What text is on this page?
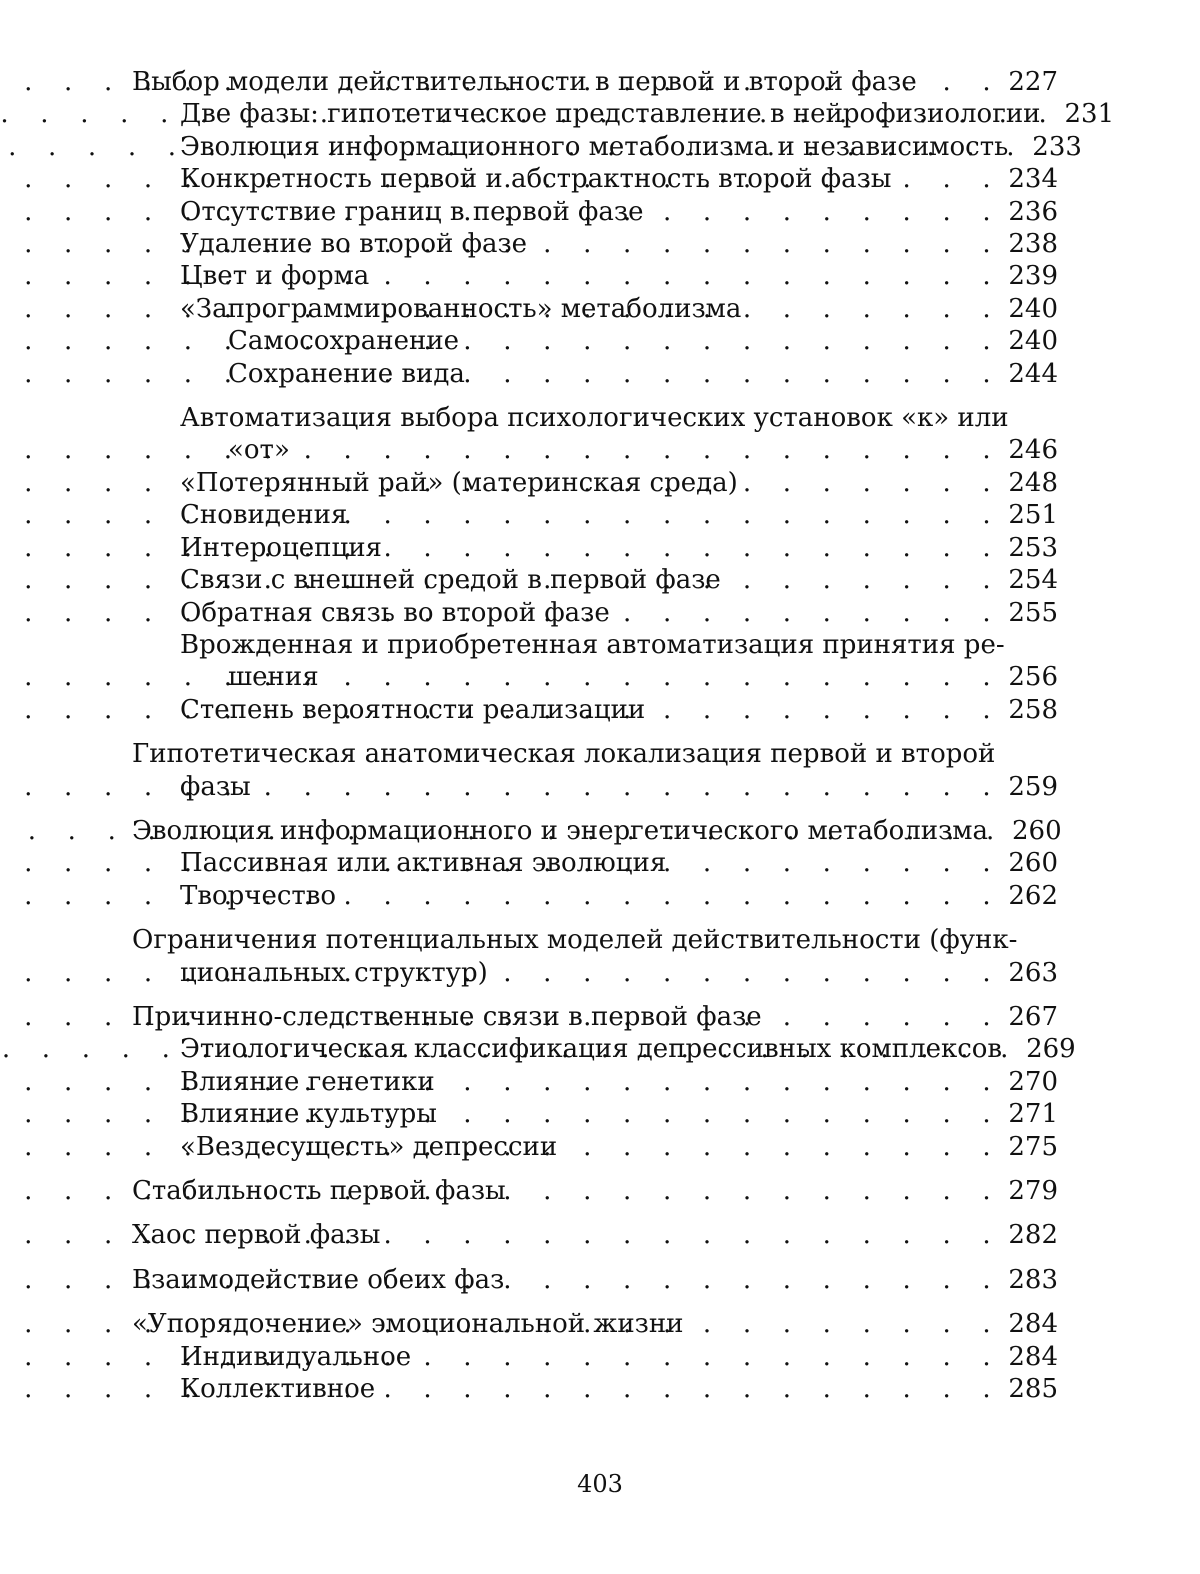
Выбор модели действительности в первой и второй фазе
. . .	227
Две фазы: гипотетическое представление в нейрофизиологии
. . . 231
Эволюция информационного метаболизма и независимость
. . . 233
Конкретность первой и абстрактность второй фазы
. . .	234
Отсутствие границ в первой фазе
. . .	236
Удаление во второй фазе
. . .	238
Цвет и форма
. . .	239
«Запрограммированность» метаболизма
. . .	240
Самосохранение
. . .	240
Сохранение вида
. . .	244
Автоматизация выбора психологических установок «к» или
«от»
. . .	246
«Потерянный рай» (материнская среда)
. . .	248
Сновидения
. . .	251
Интероцепция
. . .	253
Связи с внешней средой в первой фазе
. . .	254
Обратная связь во второй фазе
. . .	255
Врожденная и приобретенная автоматизация принятия ре-
шения
. . .	256
Степень вероятности реализации
. . .	258
Гипотетическая анатомическая локализация первой и второй
фазы
. . .	259
Эволюция информационного и энергетического метаболизма
. . . 260
Пассивная или активная эволюция
. . .	260
Творчество
. . .	262
Ограничения потенциальных моделей действительности (функ-
циональных структур)
. . .	263
Причинно-следственные связи в первой фазе
. . .	267
Этиологическая классификация депрессивных комплексов
. . . 269
Влияние генетики
. . .	270
Влияние культуры
. . .	271
«Вездесущесть» депрессии
. . .	275
Стабильность первой фазы
. . .	279
Хаос первой фазы
. . .	282
Взаимодействие обеих фаз
. . .	283
«Упорядочение» эмоциональной жизни
. . .	284
Индивидуальное
. . .	284
Коллективное
. . .	285
403
